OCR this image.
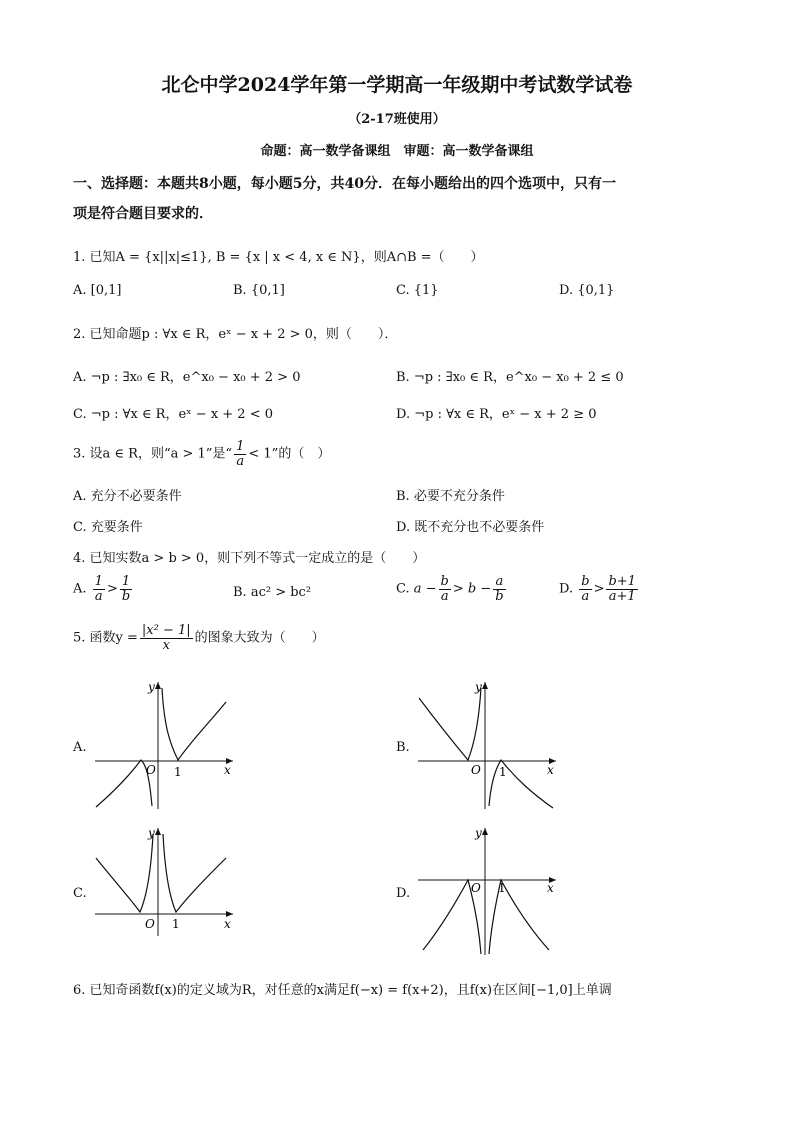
北仑中学2024学年第一学期高一年级期中考试数学试卷
（2-17班使用）
命题：高一数学备课组　审题：高一数学备课组
一、选择题：本题共8小题，每小题5分，共40分．在每小题给出的四个选项中，只有一
项是符合题目要求的．
1. 已知A = {x||x|≤1}, B = {x | x < 4, x ∈ N}，则A∩B =（　　）
A. [0,1]	B. {0,1]	C. {1}	D. {0,1}
2. 已知命题p : ∀x ∈ R，eˣ − x + 2 > 0，则（　　）．
A. ¬p : ∃x₀ ∈ R，e^x₀ − x₀ + 2 > 0	B. ¬p : ∃x₀ ∈ R，e^x₀ − x₀ + 2 ≤ 0
C. ¬p : ∀x ∈ R，eˣ − x + 2 < 0	D. ¬p : ∀x ∈ R，eˣ − x + 2 ≥ 0
3. 设a ∈ R，则“a > 1”是“ $\frac{1}{a} < 1$”的（　）
A. 充分不必要条件	B. 必要不充分条件
C. 充要条件	D. 既不充分也不必要条件
4. 已知实数a > b > 0，则下列不等式一定成立的是（　　）
A. $\frac{1}{a} > \frac{1}{b}$	B. ac² > bc²	C. $a - \frac{b}{a} > b - \frac{a}{b}$	D. $\frac{b}{a} > \frac{b+1}{a+1}$
5. 函数$y = \frac{\text{|x² − 1|}}{x}$ 的图象大致为（　　）
A.	B.
C.	D.
y
x
O 1
y
x
O 1
y
x
O 1
y
x
O 1
6. 已知奇函数f(x)的定义域为R，对任意的x满足f(−x) = f(x+2)，且f(x)在区间[−1,0]上单调
